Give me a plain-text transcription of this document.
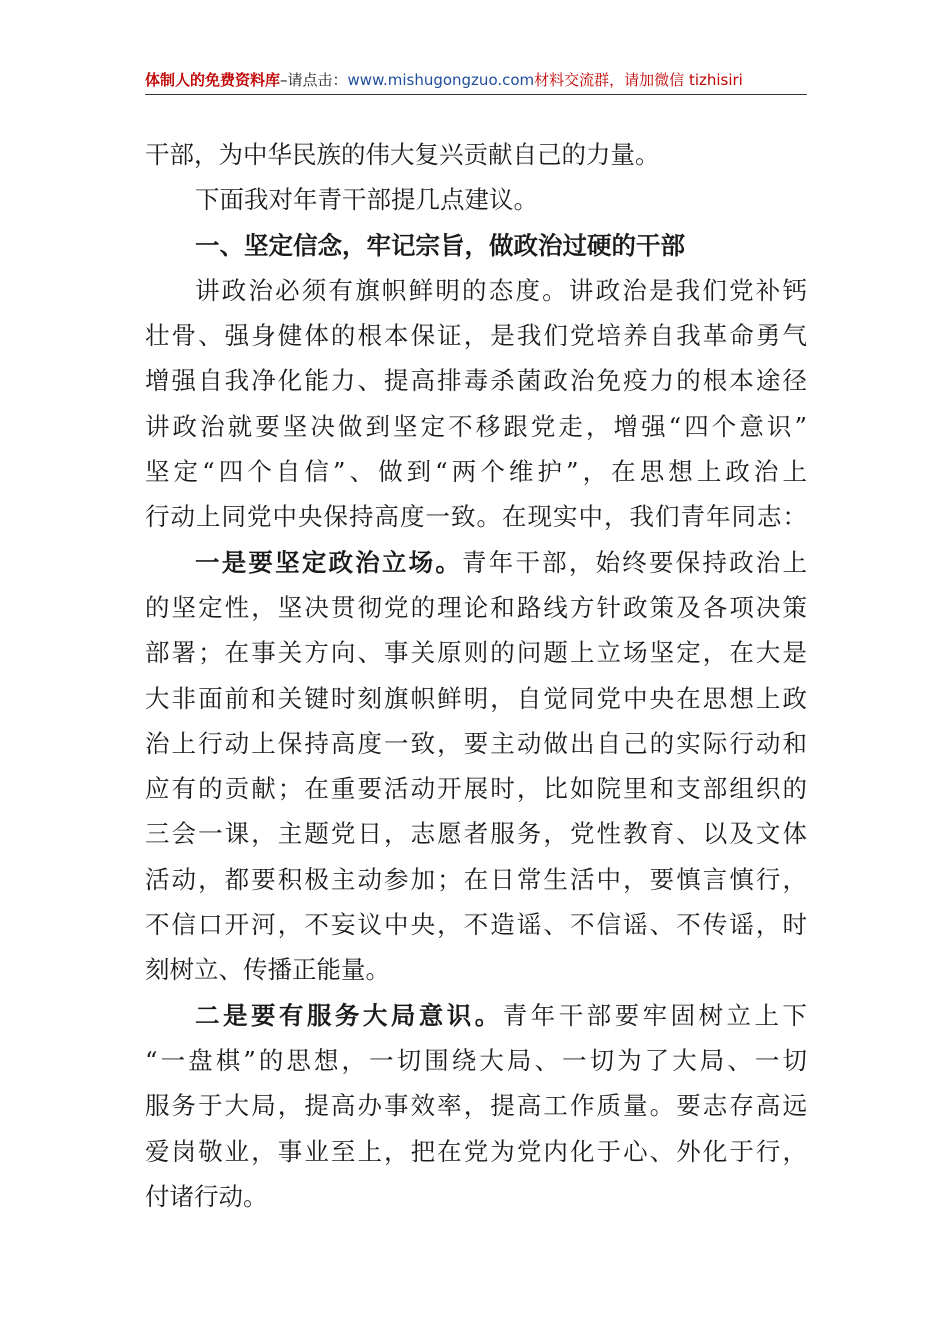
体制人的免费资料库–请点击：www.mishugongzuo.com材料交流群，请加微信 tizhisiri
干部，为中华民族的伟大复兴贡献自己的力量。
下面我对年青干部提几点建议。
一、坚定信念，牢记宗旨，做政治过硬的干部
讲政治必须有旗帜鲜明的态度。讲政治是我们党补钙
壮骨、强身健体的根本保证，是我们党培养自我革命勇气
增强自我净化能力、提高排毒杀菌政治免疫力的根本途径
讲政治就要坚决做到坚定不移跟党走，增强“四个意识”
坚定“四个自信”、做到“两个维护”，在思想上政治上
行动上同党中央保持高度一致。在现实中，我们青年同志：
一是要坚定政治立场。青年干部，始终要保持政治上
的坚定性，坚决贯彻党的理论和路线方针政策及各项决策
部署；在事关方向、事关原则的问题上立场坚定，在大是
大非面前和关键时刻旗帜鲜明，自觉同党中央在思想上政
治上行动上保持高度一致，要主动做出自己的实际行动和
应有的贡献；在重要活动开展时，比如院里和支部组织的
三会一课，主题党日，志愿者服务，党性教育、以及文体
活动，都要积极主动参加；在日常生活中，要慎言慎行，
不信口开河，不妄议中央，不造谣、不信谣、不传谣，时
刻树立、传播正能量。
二是要有服务大局意识。青年干部要牢固树立上下
“一盘棋”的思想，一切围绕大局、一切为了大局、一切
服务于大局，提高办事效率，提高工作质量。要志存高远
爱岗敬业，事业至上，把在党为党内化于心、外化于行，
付诸行动。
